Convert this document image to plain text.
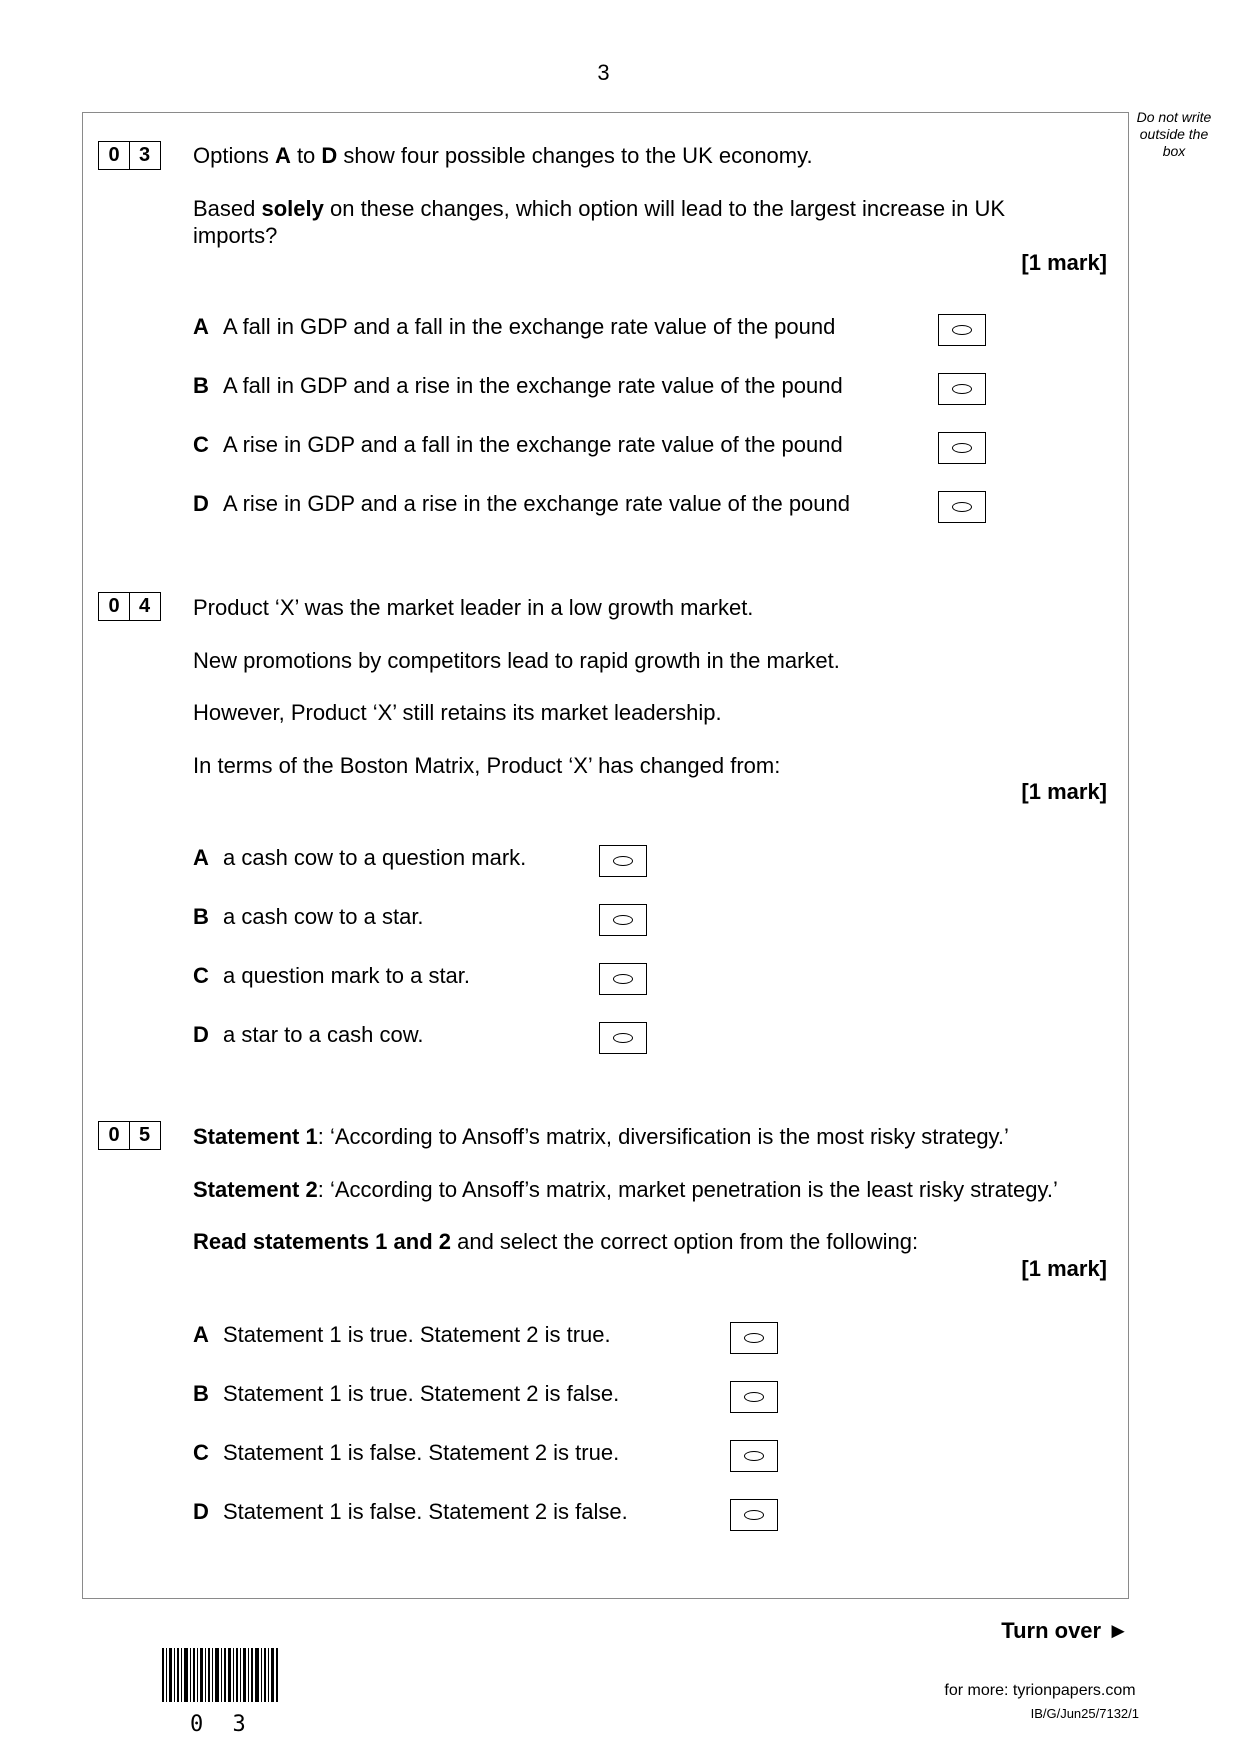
3
Do not write outside the box
0 3	Options A to D show four possible changes to the UK economy.
Based solely on these changes, which option will lead to the largest increase in UK
imports?
[1 mark]
A A fall in GDP and a fall in the exchange rate value of the pound
B A fall in GDP and a rise in the exchange rate value of the pound
C A rise in GDP and a fall in the exchange rate value of the pound
D A rise in GDP and a rise in the exchange rate value of the pound
0 4	Product ‘X’ was the market leader in a low growth market.
New promotions by competitors lead to rapid growth in the market.
However, Product ‘X’ still retains its market leadership.
In terms of the Boston Matrix, Product ‘X’ has changed from:
[1 mark]
A a cash cow to a question mark.
B a cash cow to a star.
C a question mark to a star.
D a star to a cash cow.
0 5	Statement 1: ‘According to Ansoff’s matrix, diversification is the most risky strategy.’
Statement 2: ‘According to Ansoff’s matrix, market penetration is the least risky strategy.’
Read statements 1 and 2 and select the correct option from the following:
[1 mark]
A Statement 1 is true. Statement 2 is true.
B Statement 1 is true. Statement 2 is false.
C Statement 1 is false. Statement 2 is true.
D Statement 1 is false. Statement 2 is false.
Turn over ►
0 3
for more: tyrionpapers.com
IB/G/Jun25/7132/1
